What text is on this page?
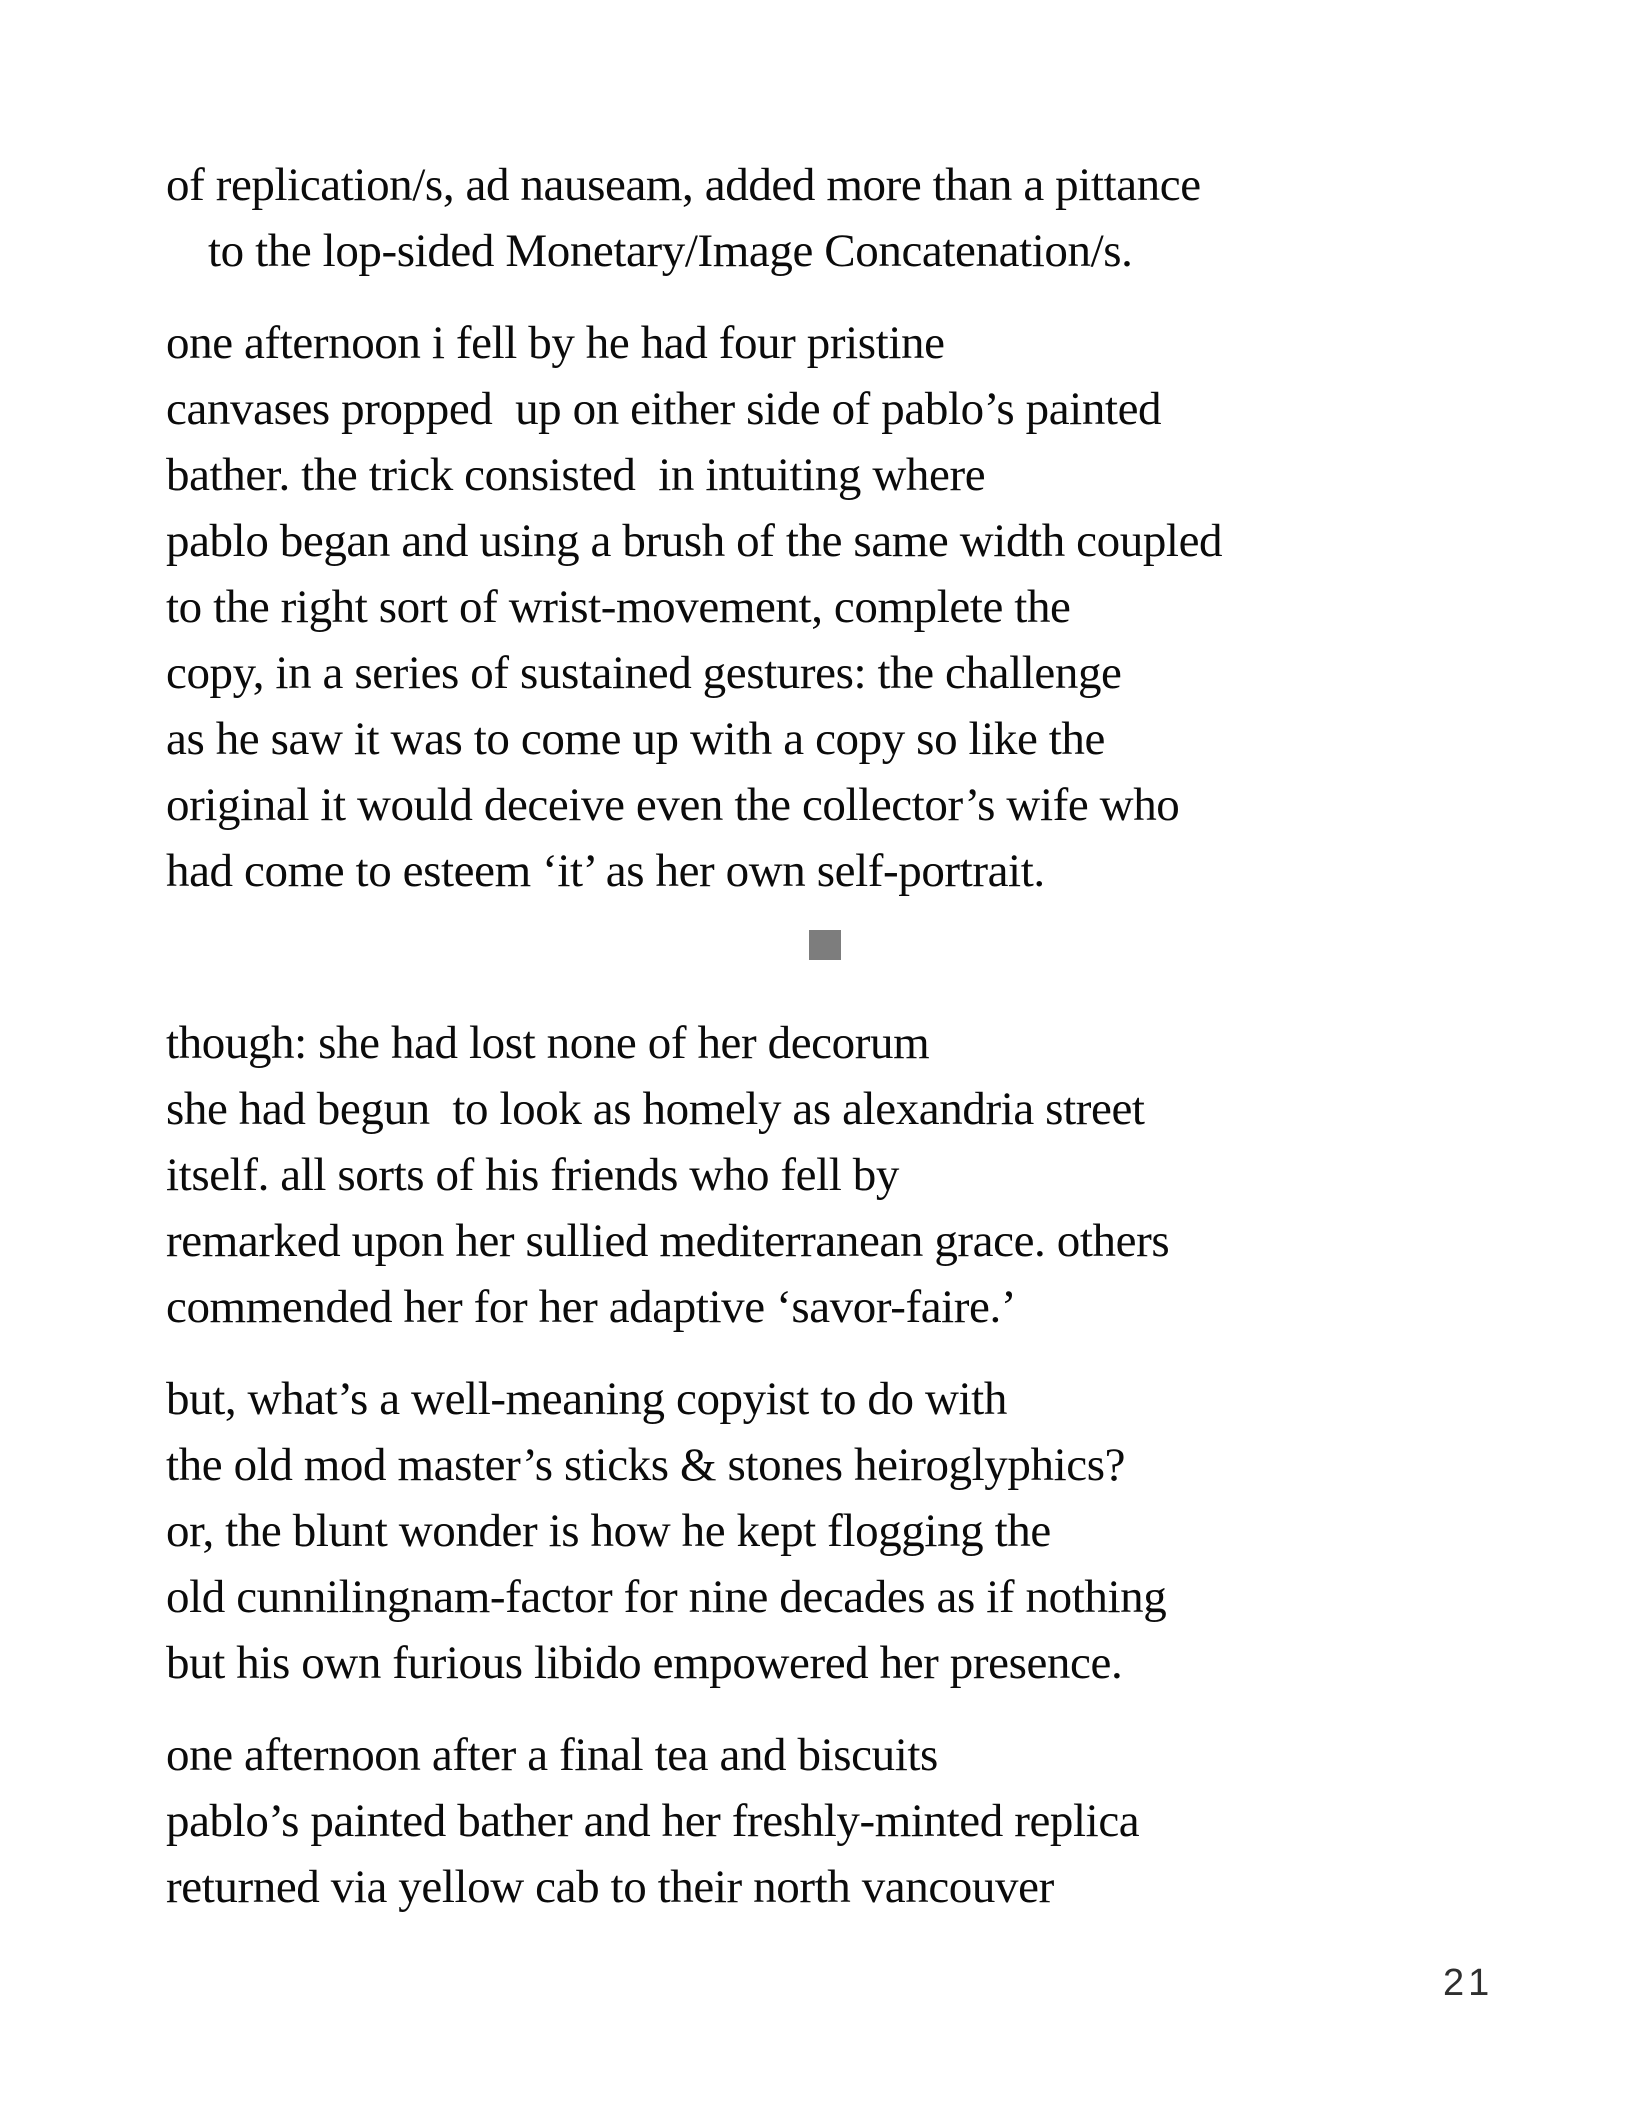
of replication/s, ad nauseam, added more than a pittance
to the lop-sided Monetary/Image Concatenation/s.
one afternoon i fell by he had four pristine
canvases propped  up on either side of pablo’s painted
bather. the trick consisted  in intuiting where
pablo began and using a brush of the same width coupled
to the right sort of wrist-movement, complete the
copy, in a series of sustained gestures: the challenge
as he saw it was to come up with a copy so like the
original it would deceive even the collector’s wife who
had come to esteem ‘it’ as her own self-portrait.
though: she had lost none of her decorum
she had begun  to look as homely as alexandria street
itself. all sorts of his friends who fell by
remarked upon her sullied mediterranean grace. others
commended her for her adaptive ‘savor-faire.’
but, what’s a well-meaning copyist to do with
the old mod master’s sticks & stones heiroglyphics?
or, the blunt wonder is how he kept flogging the
old cunnilingnam-factor for nine decades as if nothing
but his own furious libido empowered her presence.
one afternoon after a final tea and biscuits
pablo’s painted bather and her freshly-minted replica
returned via yellow cab to their north vancouver
21
